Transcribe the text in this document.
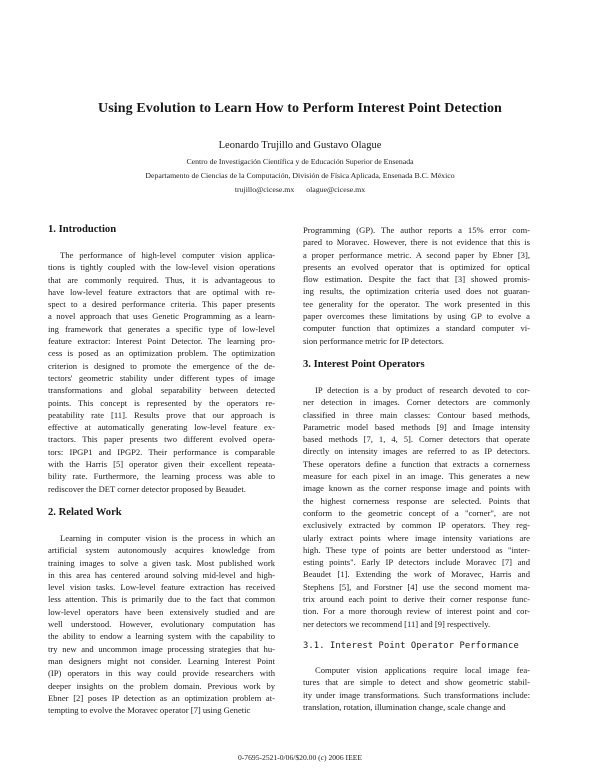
Using Evolution to Learn How to Perform Interest Point Detection
Leonardo Trujillo and Gustavo Olague
Centro de Investigación Científica y de Educación Superior de Ensenada
Departamento de Ciencias de la Computación, División de Física Aplicada, Ensenada B.C. México
trujillo@cicese.mx olague@cicese.mx
1. Introduction
The performance of high-level computer vision applica-
tions is tightly coupled with the low-level vision operations
that are commonly required. Thus, it is advantageous to
have low-level feature extractors that are optimal with re-
spect to a desired performance criteria. This paper presents
a novel approach that uses Genetic Programming as a learn-
ing framework that generates a specific type of low-level
feature extractor: Interest Point Detector. The learning pro-
cess is posed as an optimization problem. The optimization
criterion is designed to promote the emergence of the de-
tectors' geometric stability under different types of image
transformations and global separability between detected
points. This concept is represented by the operators re-
peatability rate [11]. Results prove that our approach is
effective at automatically generating low-level feature ex-
tractors. This paper presents two different evolved opera-
tors: IPGP1 and IPGP2. Their performance is comparable
with the Harris [5] operator given their excellent repeata-
bility rate. Furthermore, the learning process was able to
rediscover the DET corner detector proposed by Beaudet.
2. Related Work
Learning in computer vision is the process in which an
artificial system autonomously acquires knowledge from
training images to solve a given task. Most published work
in this area has centered around solving mid-level and high-
level vision tasks. Low-level feature extraction has received
less attention. This is primarily due to the fact that common
low-level operators have been extensively studied and are
well understood. However, evolutionary computation has
the ability to endow a learning system with the capability to
try new and uncommon image processing strategies that hu-
man designers might not consider. Learning Interest Point
(IP) operators in this way could provide researchers with
deeper insights on the problem domain. Previous work by
Ebner [2] poses IP detection as an optimization problem at-
tempting to evolve the Moravec operator [7] using Genetic
Programming (GP). The author reports a 15% error com-
pared to Moravec. However, there is not evidence that this is
a proper performance metric. A second paper by Ebner [3],
presents an evolved operator that is optimized for optical
flow estimation. Despite the fact that [3] showed promis-
ing results, the optimization criteria used does not guaran-
tee generality for the operator. The work presented in this
paper overcomes these limitations by using GP to evolve a
computer function that optimizes a standard computer vi-
sion performance metric for IP detectors.
3. Interest Point Operators
IP detection is a by product of research devoted to cor-
ner detection in images. Corner detectors are commonly
classified in three main classes: Contour based methods,
Parametric model based methods [9] and Image intensity
based methods [7, 1, 4, 5]. Corner detectors that operate
directly on intensity images are referred to as IP detectors.
These operators define a function that extracts a cornerness
measure for each pixel in an image. This generates a new
image known as the corner response image and points with
the highest cornerness response are selected. Points that
conform to the geometric concept of a "corner", are not
exclusively extracted by common IP operators. They reg-
ularly extract points where image intensity variations are
high. These type of points are better understood as "inter-
esting points". Early IP detectors include Moravec [7] and
Beaudet [1]. Extending the work of Moravec, Harris and
Stephens [5], and Forstner [4] use the second moment ma-
trix around each point to derive their corner response func-
tion. For a more thorough review of interest point and cor-
ner detectors we recommend [11] and [9] respectively.
3.1. Interest Point Operator Performance
Computer vision applications require local image fea-
tures that are simple to detect and show geometric stabil-
ity under image transformations. Such transformations include:
translation, rotation, illumination change, scale change and
0-7695-2521-0/06/$20.00 (c) 2006 IEEE
